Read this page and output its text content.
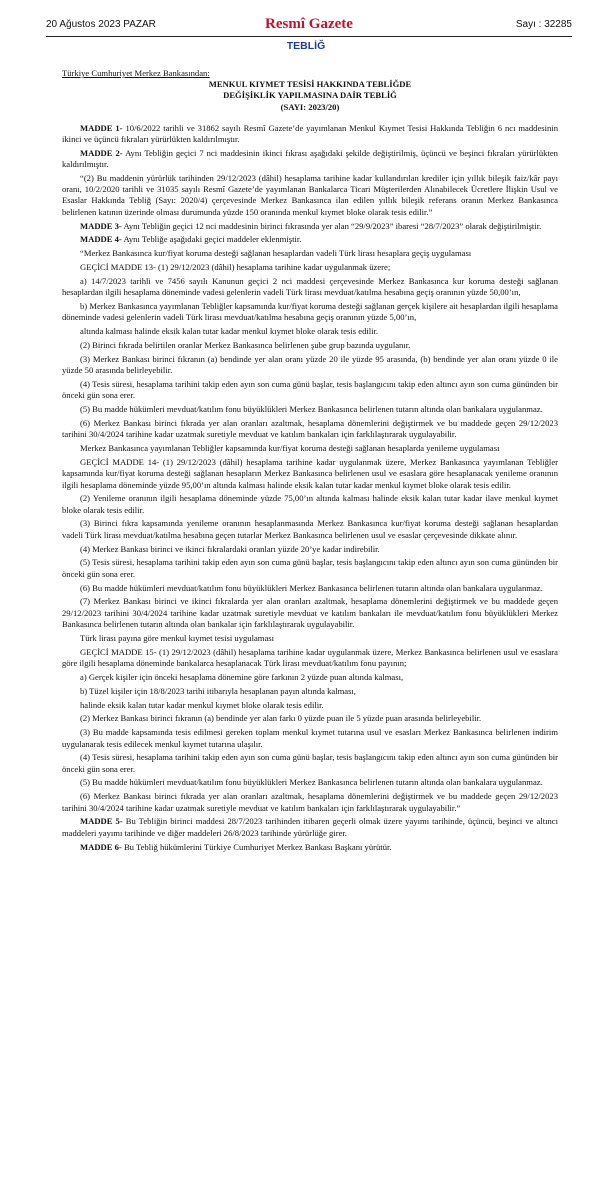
20 Ağustos 2023 PAZAR	Resmî Gazete	Sayı : 32285
TEBLİĞ

Türkiye Cumhuriyet Merkez Bankasından:

MENKUL KIYMET TESİSİ HAKKINDA TEBLİĞDE

DEĞİŞİKLİK YAPILMASINA DAİR TEBLİĞ

(SAYI: 2023/20)

MADDE 1- 10/6/2022 tarihli ve 31862 sayılı Resmî Gazete’de yayımlanan Menkul Kıymet Tesisi Hakkında Tebliğin 6 ncı maddesinin ikinci ve üçüncü fıkraları yürürlükten kaldırılmıştır.

MADDE 2- Aynı Tebliğin geçici 7 nci maddesinin ikinci fıkrası aşağıdaki şekilde değiştirilmiş, üçüncü ve beşinci fıkraları yürürlükten kaldırılmıştır.

“(2) Bu maddenin yürürlük tarihinden 29/12/2023 (dâhil) hesaplama tarihine kadar kullandırılan krediler için yıllık bileşik faiz/kâr payı oranı, 10/2/2020 tarihli ve 31035 sayılı Resmî Gazete’de yayımlanan Bankalarca Ticari Müşterilerden Alınabilecek Ücretlere İlişkin Usul ve Esaslar Hakkında Tebliğ (Sayı: 2020/4) çerçevesinde Merkez Bankasınca ilan edilen yıllık bileşik referans oranın Merkez Bankasınca belirlenen katının üzerinde olması durumunda yüzde 150 oranında menkul kıymet bloke olarak tesis edilir.”

MADDE 3- Aynı Tebliğin geçici 12 nci maddesinin birinci fıkrasında yer alan “29/9/2023” ibaresi “28/7/2023” olarak değiştirilmiştir.

MADDE 4- Aynı Tebliğe aşağıdaki geçici maddeler eklenmiştir.

“Merkez Bankasınca kur/fiyat koruma desteği sağlanan hesaplardan vadeli Türk lirası hesaplara geçiş uygulaması

GEÇİCİ MADDE 13- (1) 29/12/2023 (dâhil) hesaplama tarihine kadar uygulanmak üzere;

a) 14/7/2023 tarihli ve 7456 sayılı Kanunun geçici 2 nci maddesi çerçevesinde Merkez Bankasınca kur koruma desteği sağlanan hesaplardan ilgili hesaplama döneminde vadesi gelenlerin vadeli Türk lirası mevduat/katılma hesabına geçiş oranının yüzde 50,00’ın,

b) Merkez Bankasınca yayımlanan Tebliğler kapsamında kur/fiyat koruma desteği sağlanan gerçek kişilere ait hesaplardan ilgili hesaplama döneminde vadesi gelenlerin vadeli Türk lirası mevduat/katılma hesabına geçiş oranının yüzde 5,00’ın,

altında kalması halinde eksik kalan tutar kadar menkul kıymet bloke olarak tesis edilir.

(2) Birinci fıkrada belirtilen oranlar Merkez Bankasınca belirlenen şube grup bazında uygulanır.

(3) Merkez Bankası birinci fıkranın (a) bendinde yer alan oranı yüzde 20 ile yüzde 95 arasında, (b) bendinde yer alan oranı yüzde 0 ile yüzde 50 arasında belirleyebilir.

(4) Tesis süresi, hesaplama tarihini takip eden ayın son cuma günü başlar, tesis başlangıcını takip eden altıncı ayın son cuma gününden bir önceki gün sona erer.

(5) Bu madde hükümleri mevduat/katılım fonu büyüklükleri Merkez Bankasınca belirlenen tutarın altında olan bankalara uygulanmaz.

(6) Merkez Bankası birinci fıkrada yer alan oranları azaltmak, hesaplama dönemlerini değiştirmek ve bu maddede geçen 29/12/2023 tarihini 30/4/2024 tarihine kadar uzatmak suretiyle mevduat ve katılım bankaları için farklılaştırarak uygulayabilir.

Merkez Bankasınca yayımlanan Tebliğler kapsamında kur/fiyat koruma desteği sağlanan hesaplarda yenileme uygulaması

GEÇİCİ MADDE 14- (1) 29/12/2023 (dâhil) hesaplama tarihine kadar uygulanmak üzere, Merkez Bankasınca yayımlanan Tebliğler kapsamında kur/fiyat koruma desteği sağlanan hesapların Merkez Bankasınca belirlenen usul ve esaslara göre hesaplanacak yenileme oranının ilgili hesaplama döneminde yüzde 95,00’ın altında kalması halinde eksik kalan tutar kadar menkul kıymet bloke olarak tesis edilir.

(2) Yenileme oranının ilgili hesaplama döneminde yüzde 75,00’ın altında kalması halinde eksik kalan tutar kadar ilave menkul kıymet bloke olarak tesis edilir.

(3) Birinci fıkra kapsamında yenileme oranının hesaplanmasında Merkez Bankasınca kur/fiyat koruma desteği sağlanan hesaplardan vadeli Türk lirası mevduat/katılma hesabına geçen tutarlar Merkez Bankasınca belirlenen usul ve esaslar çerçevesinde dikkate alınır.

(4) Merkez Bankası birinci ve ikinci fıkralardaki oranları yüzde 20’ye kadar indirebilir.

(5) Tesis süresi, hesaplama tarihini takip eden ayın son cuma günü başlar, tesis başlangıcını takip eden altıncı ayın son cuma gününden bir önceki gün sona erer.

(6) Bu madde hükümleri mevduat/katılım fonu büyüklükleri Merkez Bankasınca belirlenen tutarın altında olan bankalara uygulanmaz.

(7) Merkez Bankası birinci ve ikinci fıkralarda yer alan oranları azaltmak, hesaplama dönemlerini değiştirmek ve bu maddede geçen 29/12/2023 tarihini 30/4/2024 tarihine kadar uzatmak suretiyle mevduat ve katılım bankaları ile mevduat/katılım fonu büyüklükleri Merkez Bankasınca belirlenen tutarın altında olan bankalar için farklılaştırarak uygulayabilir.

Türk lirası payına göre menkul kıymet tesisi uygulaması

GEÇİCİ MADDE 15- (1) 29/12/2023 (dâhil) hesaplama tarihine kadar uygulanmak üzere, Merkez Bankasınca belirlenen usul ve esaslara göre ilgili hesaplama döneminde bankalarca hesaplanacak Türk lirası mevduat/katılım fonu payının;

a) Gerçek kişiler için önceki hesaplama dönemine göre farkının 2 yüzde puan altında kalması,

b) Tüzel kişiler için 18/8/2023 tarihi itibarıyla hesaplanan payın altında kalması,

halinde eksik kalan tutar kadar menkul kıymet bloke olarak tesis edilir.

(2) Merkez Bankası birinci fıkranın (a) bendinde yer alan farkı 0 yüzde puan ile 5 yüzde puan arasında belirleyebilir.

(3) Bu madde kapsamında tesis edilmesi gereken toplam menkul kıymet tutarına usul ve esasları Merkez Bankasınca belirlenen indirim uygulanarak tesis edilecek menkul kıymet tutarına ulaşılır.

(4) Tesis süresi, hesaplama tarihini takip eden ayın son cuma günü başlar, tesis başlangıcını takip eden altıncı ayın son cuma gününden bir önceki gün sona erer.

(5) Bu madde hükümleri mevduat/katılım fonu büyüklükleri Merkez Bankasınca belirlenen tutarın altında olan bankalara uygulanmaz.

(6) Merkez Bankası birinci fıkrada yer alan oranları azaltmak, hesaplama dönemlerini değiştirmek ve bu maddede geçen 29/12/2023 tarihini 30/4/2024 tarihine kadar uzatmak suretiyle mevduat ve katılım bankaları için farklılaştırarak uygulayabilir.”

MADDE 5- Bu Tebliğin birinci maddesi 28/7/2023 tarihinden itibaren geçerli olmak üzere yayımı tarihinde, üçüncü, beşinci ve altıncı maddeleri yayımı tarihinde ve diğer maddeleri 26/8/2023 tarihinde yürürlüğe girer.

MADDE 6- Bu Tebliğ hükümlerini Türkiye Cumhuriyet Merkez Bankası Başkanı yürütür.
